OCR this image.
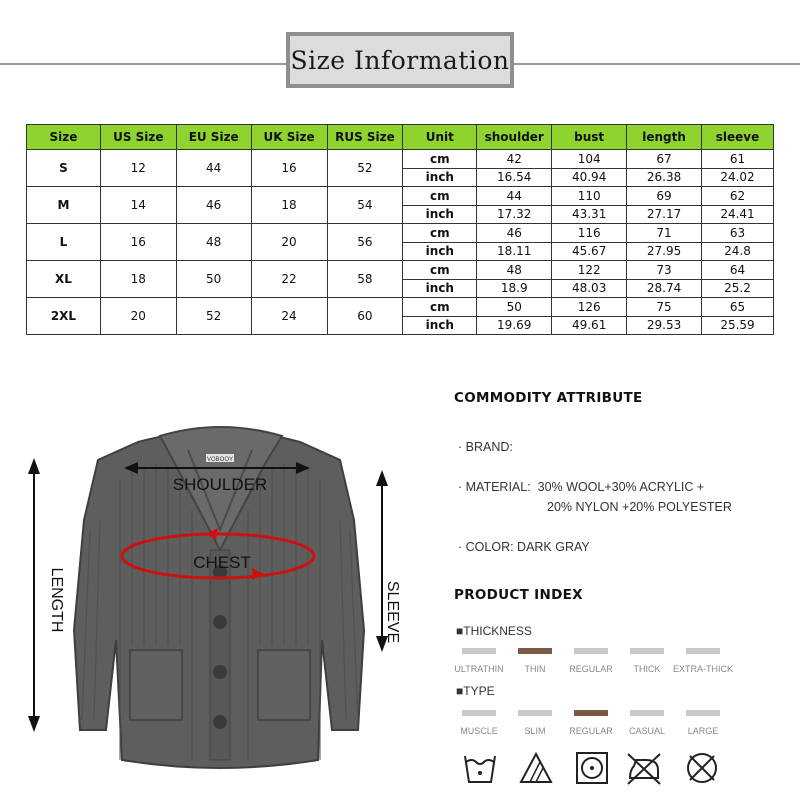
Size Information
Size	US Size	EU Size	UK Size	RUS Size	Unit	shoulder	bust	length	sleeve
S	12	44	16	52	cm	42	104	67	61
					inch	16.54	40.94	26.38	24.02
M	14	46	18	54	cm	44	110	69	62
					inch	17.32	43.31	27.17	24.41
L	16	48	20	56	cm	46	116	71	63
					inch	18.11	45.67	27.95	24.8
XL	18	50	22	58	cm	48	122	73	64
					inch	18.9	48.03	28.74	25.2
2XL	20	52	24	60	cm	50	126	75	65
					inch	19.69	49.61	29.53	25.59
VOBOOY
SHOULDER
CHEST
LENGTH	SLEEVE
COMMODITY ATTRIBUTE
· BRAND:
· MATERIAL: 30% WOOL+30% ACRYLIC +
20% NYLON +20% POLYESTER
· COLOR: DARK GRAY
PRODUCT INDEX
■THICKNESS
ULTRATHIN	THIN	REGULAR	THICK	EXTRA-THICK
■TYPE
MUSCLE	SLIM	REGULAR	CASUAL	LARGE
